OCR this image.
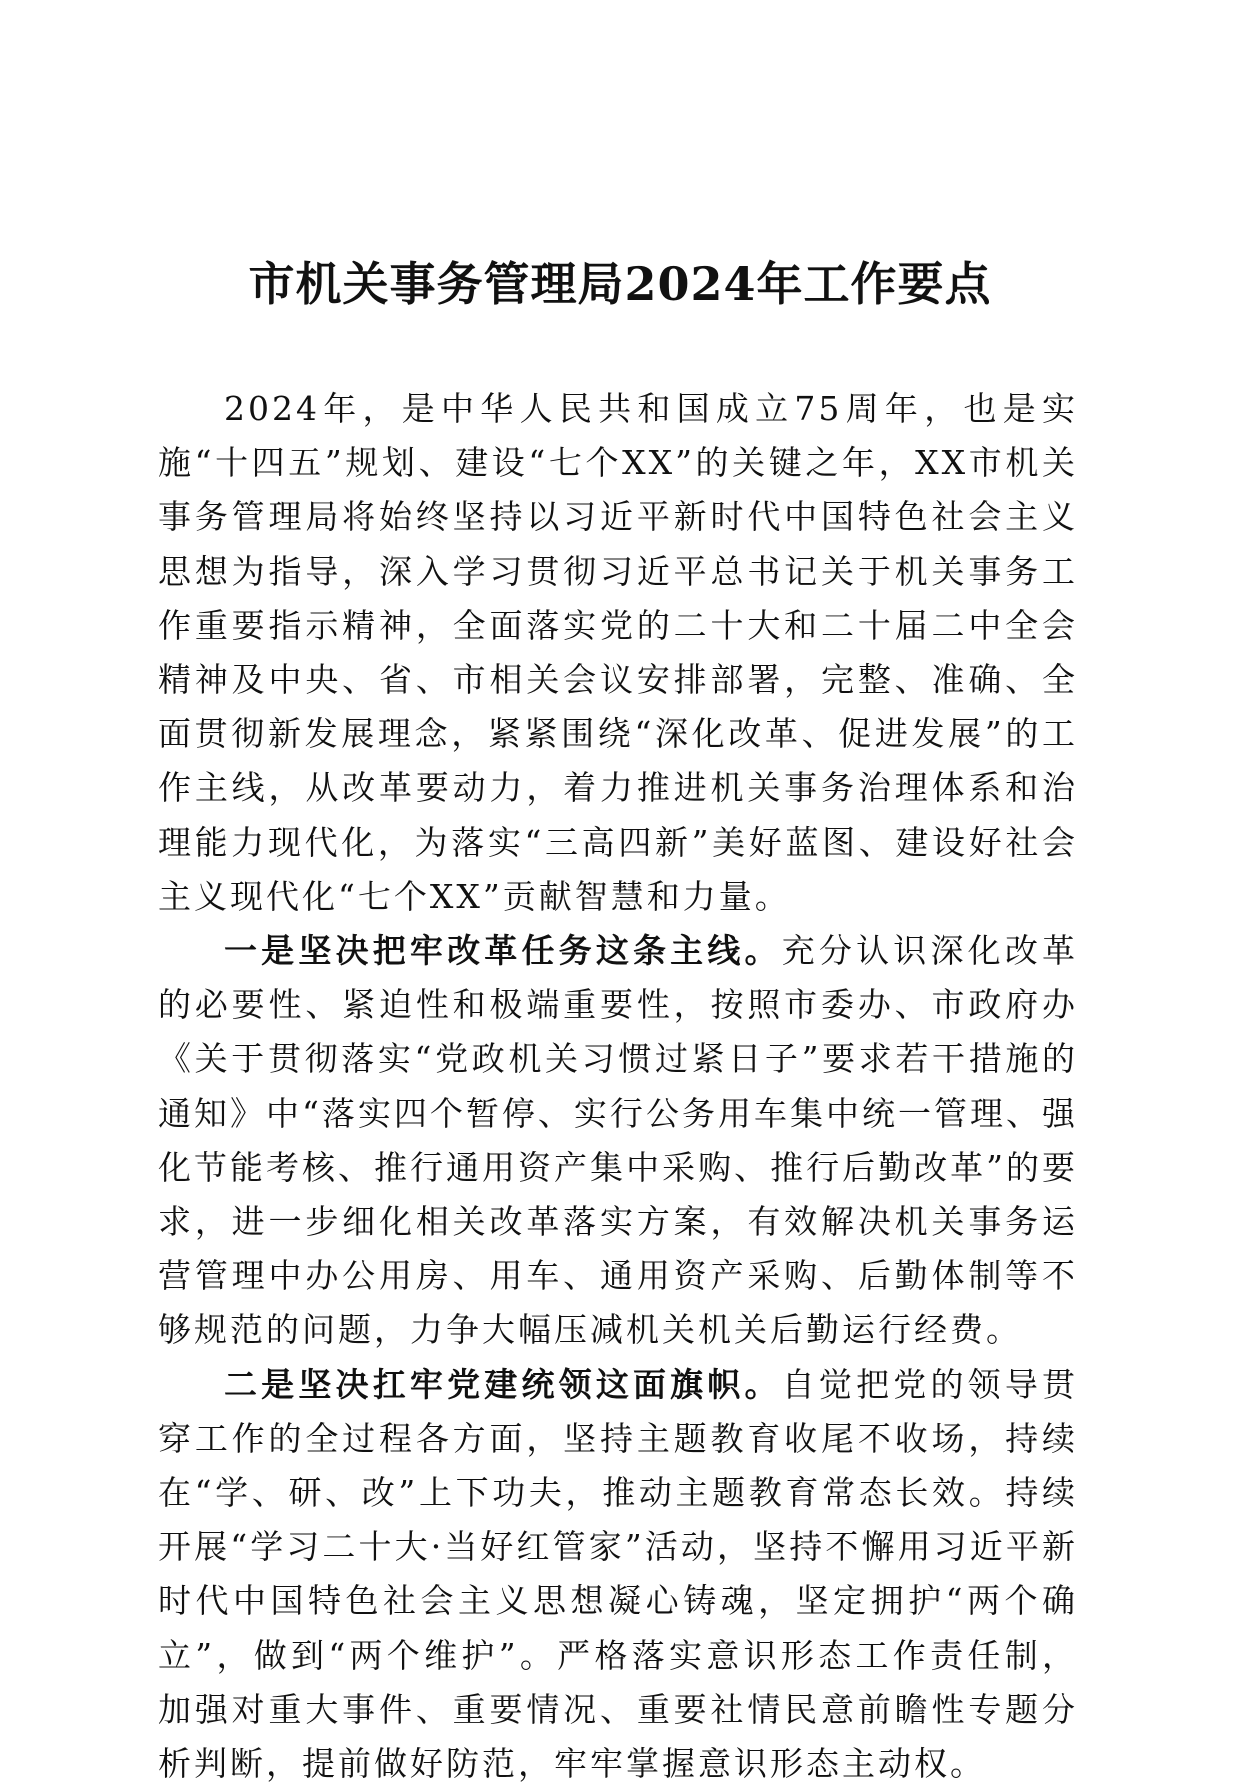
市机关事务管理局2024年工作要点

2024年，是中华人民共和国成立75周年，也是实施“十四五”规划、建设“七个XX”的关键之年，XX市机关事务管理局将始终坚持以习近平新时代中国特色社会主义思想为指导，深入学习贯彻习近平总书记关于机关事务工作重要指示精神，全面落实党的二十大和二十届二中全会精神及中央、省、市相关会议安排部署，完整、准确、全面贯彻新发展理念，紧紧围绕“深化改革、促进发展”的工作主线，从改革要动力，着力推进机关事务治理体系和治理能力现代化，为落实“三高四新”美好蓝图、建设好社会主义现代化“七个XX”贡献智慧和力量。

一是坚决把牢改革任务这条主线。充分认识深化改革的必要性、紧迫性和极端重要性，按照市委办、市政府办《关于贯彻落实“党政机关习惯过紧日子”要求若干措施的通知》中“落实四个暂停、实行公务用车集中统一管理、强化节能考核、推行通用资产集中采购、推行后勤改革”的要求，进一步细化相关改革落实方案，有效解决机关事务运营管理中办公用房、用车、通用资产采购、后勤体制等不够规范的问题，力争大幅压减机关机关后勤运行经费。

二是坚决扛牢党建统领这面旗帜。自觉把党的领导贯穿工作的全过程各方面，坚持主题教育收尾不收场，持续在“学、研、改”上下功夫，推动主题教育常态长效。持续开展“学习二十大·当好红管家”活动，坚持不懈用习近平新时代中国特色社会主义思想凝心铸魂，坚定拥护“两个确立”，做到“两个维护”。严格落实意识形态工作责任制，加强对重大事件、重要情况、重要社情民意前瞻性专题分析判断，提前做好防范，牢牢掌握意识形态主动权。
